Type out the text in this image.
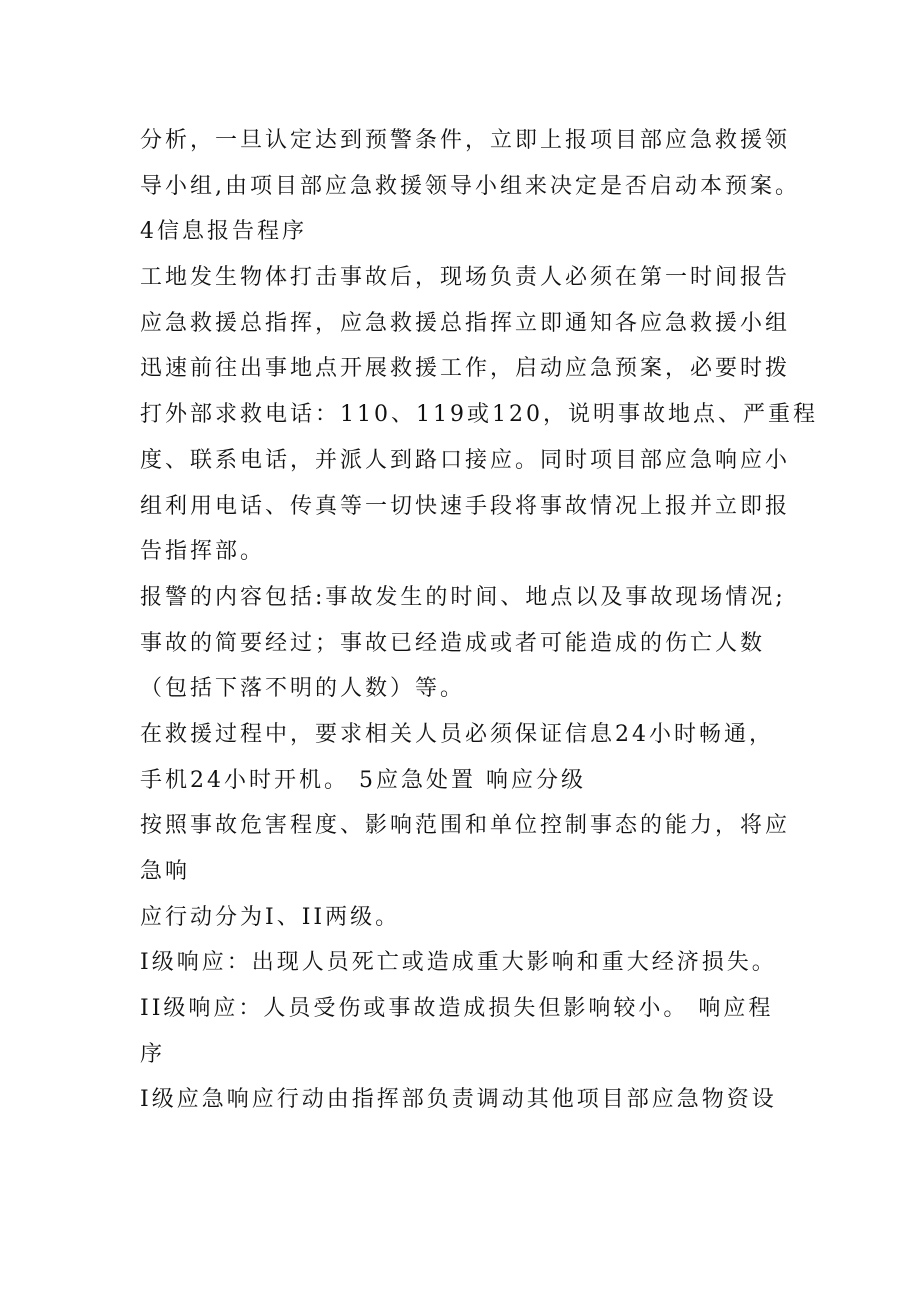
分析，一旦认定达到预警条件，立即上报项目部应急救援领
导小组,由项目部应急救援领导小组来决定是否启动本预案。
4信息报告程序
工地发生物体打击事故后，现场负责人必须在第一时间报告
应急救援总指挥，应急救援总指挥立即通知各应急救援小组
迅速前往出事地点开展救援工作，启动应急预案，必要时拨
打外部求救电话：110、119或120，说明事故地点、严重程
度、联系电话，并派人到路口接应。同时项目部应急响应小
组利用电话、传真等一切快速手段将事故情况上报并立即报
告指挥部。
报警的内容包括:事故发生的时间、地点以及事故现场情况;
事故的简要经过；事故已经造成或者可能造成的伤亡人数
（包括下落不明的人数）等。
在救援过程中，要求相关人员必须保证信息24小时畅通，
手机24小时开机。 5应急处置 响应分级
按照事故危害程度、影响范围和单位控制事态的能力，将应
急响
应行动分为I、II两级。
Ⅰ级响应：出现人员死亡或造成重大影响和重大经济损失。
II级响应：人员受伤或事故造成损失但影响较小。 响应程
序
I级应急响应行动由指挥部负责调动其他项目部应急物资设
